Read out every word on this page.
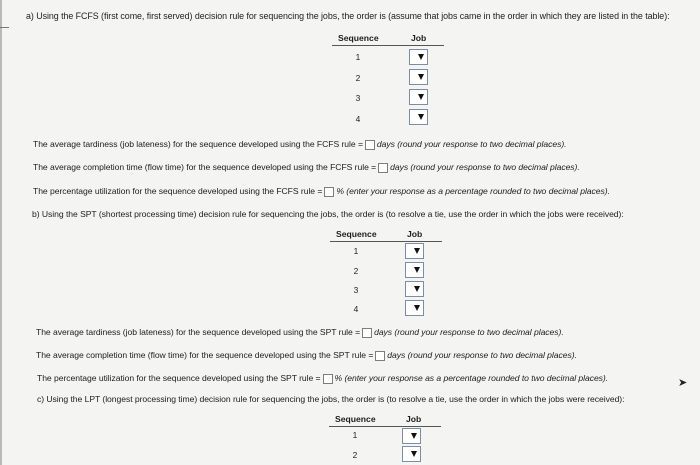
a) Using the FCFS (first come, first served) decision rule for sequencing the jobs, the order is (assume that jobs came in the order in which they are listed in the table):
Sequence	Job
1
2
3
4
The average tardiness (job lateness) for the sequence developed using the FCFS rule = days (round your response to two decimal places).
The average completion time (flow time) for the sequence developed using the FCFS rule = days (round your response to two decimal places).
The percentage utilization for the sequence developed using the FCFS rule = % (enter your response as a percentage rounded to two decimal places).
b) Using the SPT (shortest processing time) decision rule for sequencing the jobs, the order is (to resolve a tie, use the order in which the jobs were received):
Sequence	Job
1
2
3
4
The average tardiness (job lateness) for the sequence developed using the SPT rule = days (round your response to two decimal places).
The average completion time (flow time) for the sequence developed using the SPT rule = days (round your response to two decimal places).
The percentage utilization for the sequence developed using the SPT rule = % (enter your response as a percentage rounded to two decimal places).
c) Using the LPT (longest processing time) decision rule for sequencing the jobs, the order is (to resolve a tie, use the order in which the jobs were received):
Sequence	Job
1
2
➤
